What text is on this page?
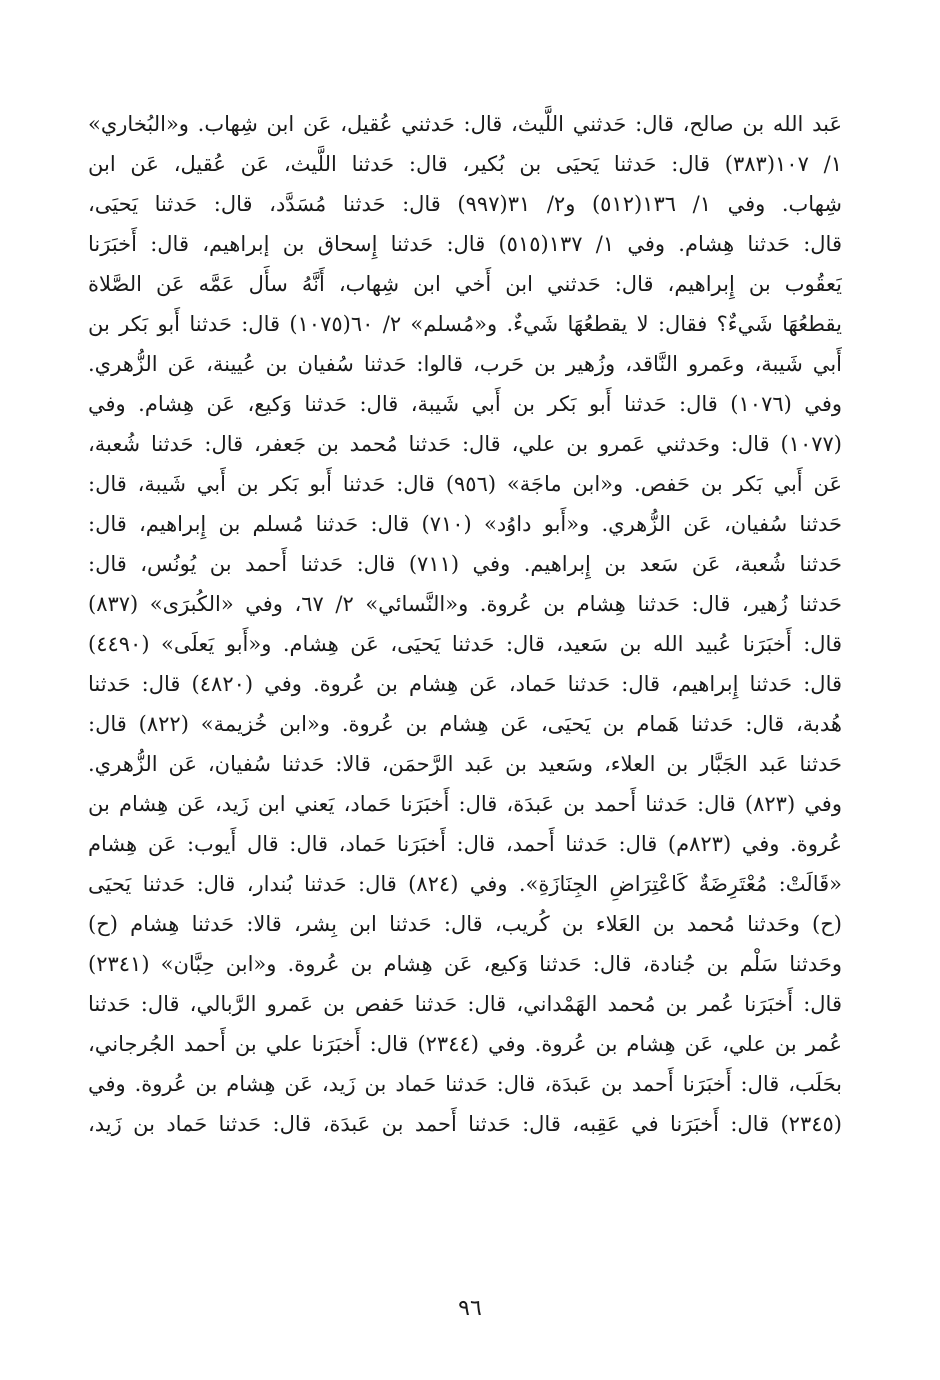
عَبد الله بن صالح، قال: حَدثني اللَّيث، قال: حَدثني عُقيل، عَن ابن شِهاب. و«البُخاري»
١/ ١٠٧(٣٨٣) قال: حَدثنا يَحيَى بن بُكير، قال: حَدثنا اللَّيث، عَن عُقيل، عَن ابن
شِهاب. وفي ١/ ١٣٦(٥١٢) و٢/ ٣١(٩٩٧) قال: حَدثنا مُسَدَّد، قال: حَدثنا يَحيَى،
قال: حَدثنا هِشام. وفي ١/ ١٣٧(٥١٥) قال: حَدثنا إِسحاق بن إبراهيم، قال: أَخبَرَنا
يَعقُوب بن إِبراهيم، قال: حَدثني ابن أَخي ابن شِهاب، أَنَّهُ سأَل عَمَّه عَن الصَّلاة
يقطعُهَا شَيءٌ؟ فقال: لا يقطعُهَا شَيءٌ. و«مُسلم» ٢/ ٦٠(١٠٧٥) قال: حَدثنا أَبو بَكر بن
أَبي شَيبة، وعَمرو النَّاقد، وزُهير بن حَرب، قالوا: حَدثنا سُفيان بن عُيينة، عَن الزُّهري.
وفي (١٠٧٦) قال: حَدثنا أَبو بَكر بن أَبي شَيبة، قال: حَدثنا وَكيع، عَن هِشام. وفي
(١٠٧٧) قال: وحَدثني عَمرو بن علي، قال: حَدثنا مُحمد بن جَعفر، قال: حَدثنا شُعبة،
عَن أَبي بَكر بن حَفص. و«ابن ماجَة» (٩٥٦) قال: حَدثنا أَبو بَكر بن أَبي شَيبة، قال:
حَدثنا سُفيان، عَن الزُّهري. و«أَبو داوُد» (٧١٠) قال: حَدثنا مُسلم بن إِبراهيم، قال:
حَدثنا شُعبة، عَن سَعد بن إِبراهيم. وفي (٧١١) قال: حَدثنا أَحمد بن يُونُس، قال:
حَدثنا زُهير، قال: حَدثنا هِشام بن عُروة. و«النَّسائي» ٢/ ٦٧، وفي «الكُبرَى» (٨٣٧)
قال: أَخبَرَنا عُبيد الله بن سَعيد، قال: حَدثنا يَحيَى، عَن هِشام. و«أَبو يَعلَى» (٤٤٩٠)
قال: حَدثنا إِبراهيم، قال: حَدثنا حَماد، عَن هِشام بن عُروة. وفي (٤٨٢٠) قال: حَدثنا
هُدبة، قال: حَدثنا هَمام بن يَحيَى، عَن هِشام بن عُروة. و«ابن خُزيمة» (٨٢٢) قال:
حَدثنا عَبد الجَبَّار بن العلاء، وسَعيد بن عَبد الرَّحمَن، قالا: حَدثنا سُفيان، عَن الزُّهري.
وفي (٨٢٣) قال: حَدثنا أَحمد بن عَبدَة، قال: أَخبَرَنا حَماد، يَعني ابن زَيد، عَن هِشام بن
عُروة. وفي (٨٢٣م) قال: حَدثنا أَحمد، قال: أَخبَرَنا حَماد، قال: قال أَيوب: عَن هِشام
«قَالَتْ: مُعْتَرِضَةٌ كَاعْتِرَاضِ الجِنَازَةِ». وفي (٨٢٤) قال: حَدثنا بُندار، قال: حَدثنا يَحيَى
(ح) وحَدثنا مُحمد بن العَلاء بن كُريب، قال: حَدثنا ابن بِشر، قالا: حَدثنا هِشام (ح)
وحَدثنا سَلْم بن جُنادة، قال: حَدثنا وَكيع، عَن هِشام بن عُروة. و«ابن حِبَّان» (٢٣٤١)
قال: أَخبَرَنا عُمر بن مُحمد الهَمْداني، قال: حَدثنا حَفص بن عَمرو الرَّبالي، قال: حَدثنا
عُمر بن علي، عَن هِشام بن عُروة. وفي (٢٣٤٤) قال: أَخبَرَنا علي بن أَحمد الجُرجاني،
بحَلَب، قال: أَخبَرَنا أَحمد بن عَبدَة، قال: حَدثنا حَماد بن زَيد، عَن هِشام بن عُروة. وفي
(٢٣٤٥) قال: أَخبَرَنا في عَقِبه، قال: حَدثنا أَحمد بن عَبدَة، قال: حَدثنا حَماد بن زَيد،
٩٦
